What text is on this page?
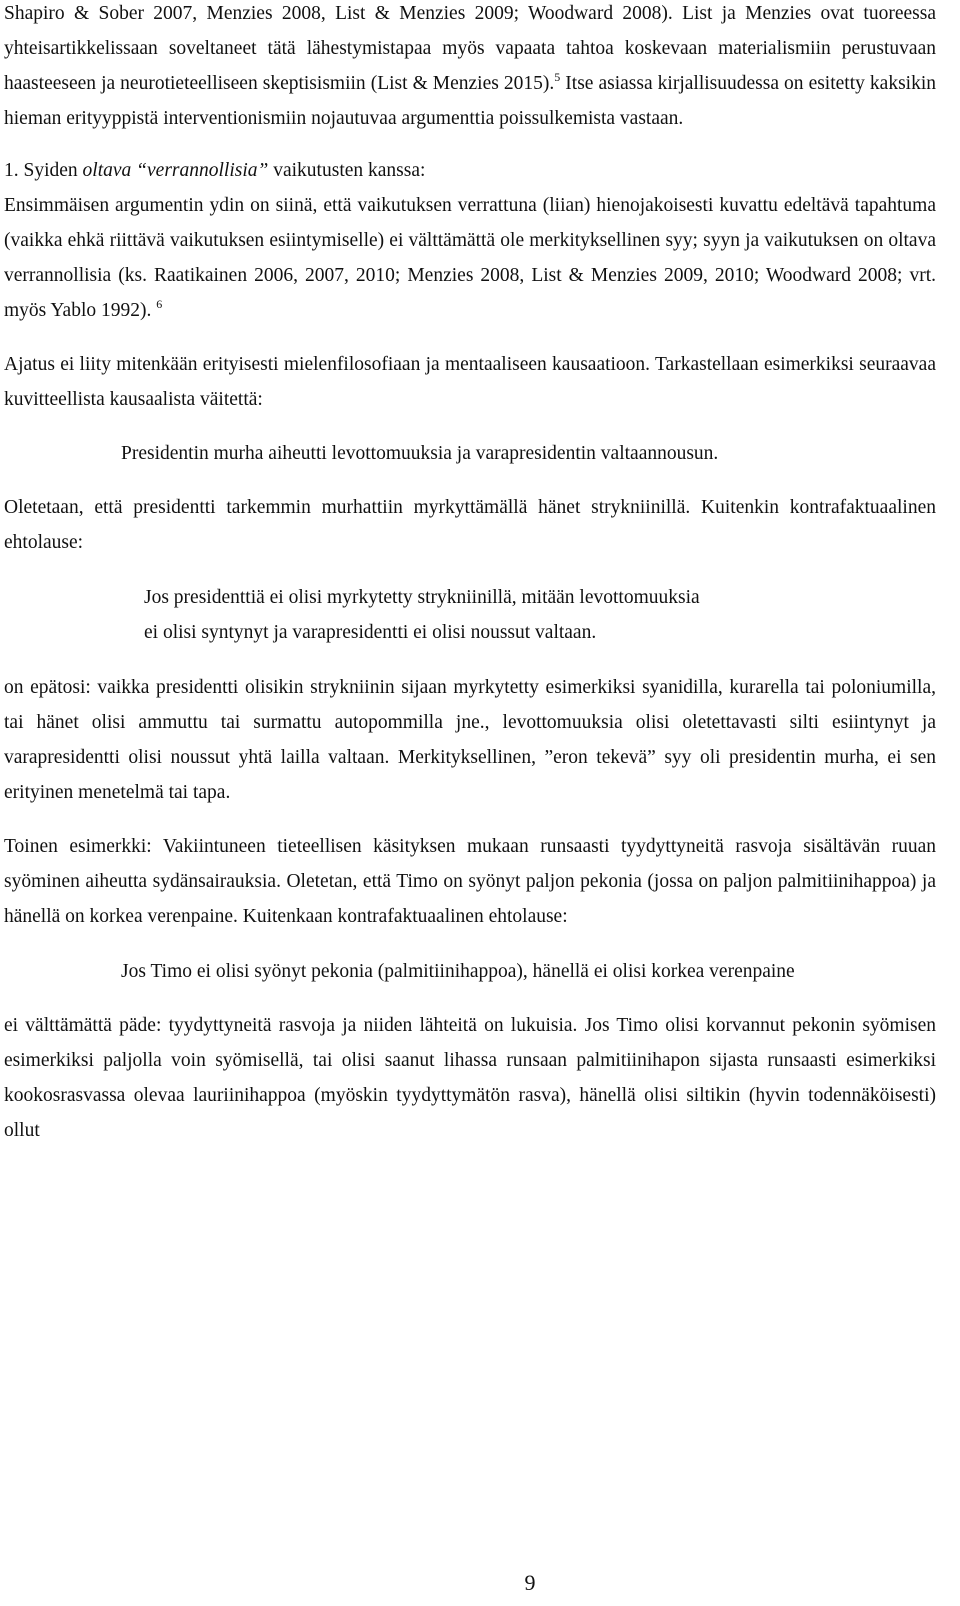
Shapiro & Sober 2007, Menzies 2008, List & Menzies 2009; Woodward 2008). List ja Menzies ovat tuoreessa yhteisartikkelissaan soveltaneet tätä lähestymistapaa myös vapaata tahtoa koskevaan materialismiin perustuvaan haasteeseen ja neurotieteelliseen skeptisismiin (List & Menzies 2015).$^5$ Itse asiassa kirjallisuudessa on esitetty kaksikin hieman erityyppistä interventionismiin nojautuvaa argumenttia poissulkemista vastaan.

1. Syiden oltava “verrannollisia” vaikutusten kanssa:

Ensimmäisen argumentin ydin on siinä, että vaikutuksen verrattuna (liian) hienojakoisesti kuvattu edeltävä tapahtuma (vaikka ehkä riittävä vaikutuksen esiintymiselle) ei välttämättä ole merkityksellinen syy; syyn ja vaikutuksen on oltava verrannollisia (ks. Raatikainen 2006, 2007, 2010; Menzies 2008, List & Menzies 2009, 2010; Woodward 2008; vrt. myös Yablo 1992). $^6$

Ajatus ei liity mitenkään erityisesti mielenfilosofiaan ja mentaaliseen kausaatioon. Tarkastellaan esimerkiksi seuraavaa kuvitteellista kausaalista väitettä:

Presidentin murha aiheutti levottomuuksia ja varapresidentin valtaannousun.

Oletetaan, että presidentti tarkemmin murhattiin myrkyttämällä hänet strykniinillä. Kuitenkin kontrafaktuaalinen ehtolause:

Jos presidenttiä ei olisi myrkytetty strykniinillä, mitään levottomuuksia

ei olisi syntynyt ja varapresidentti ei olisi noussut valtaan.

on epätosi: vaikka presidentti olisikin strykniinin sijaan myrkytetty esimerkiksi syanidilla, kurarella tai poloniumilla, tai hänet olisi ammuttu tai surmattu autopommilla jne., levottomuuksia olisi oletettavasti silti esiintynyt ja varapresidentti olisi noussut yhtä lailla valtaan. Merkityksellinen, ”eron tekevä” syy oli presidentin murha, ei sen erityinen menetelmä tai tapa.

Toinen esimerkki: Vakiintuneen tieteellisen käsityksen mukaan runsaasti tyydyttyneitä rasvoja sisältävän ruuan syöminen aiheutta sydänsairauksia. Oletetan, että Timo on syönyt paljon pekonia (jossa on paljon palmitiinihappoa) ja hänellä on korkea verenpaine. Kuitenkaan kontrafaktuaalinen ehtolause:

Jos Timo ei olisi syönyt pekonia (palmitiinihappoa), hänellä ei olisi korkea verenpaine

ei välttämättä päde: tyydyttyneitä rasvoja ja niiden lähteitä on lukuisia. Jos Timo olisi korvannut pekonin syömisen esimerkiksi paljolla voin syömisellä, tai olisi saanut lihassa runsaan palmitiinihapon sijasta runsaasti esimerkiksi kookosrasvassa olevaa lauriinihappoa (myöskin tyydyttymätön rasva), hänellä olisi siltikin (hyvin todennäköisesti) ollut

9
